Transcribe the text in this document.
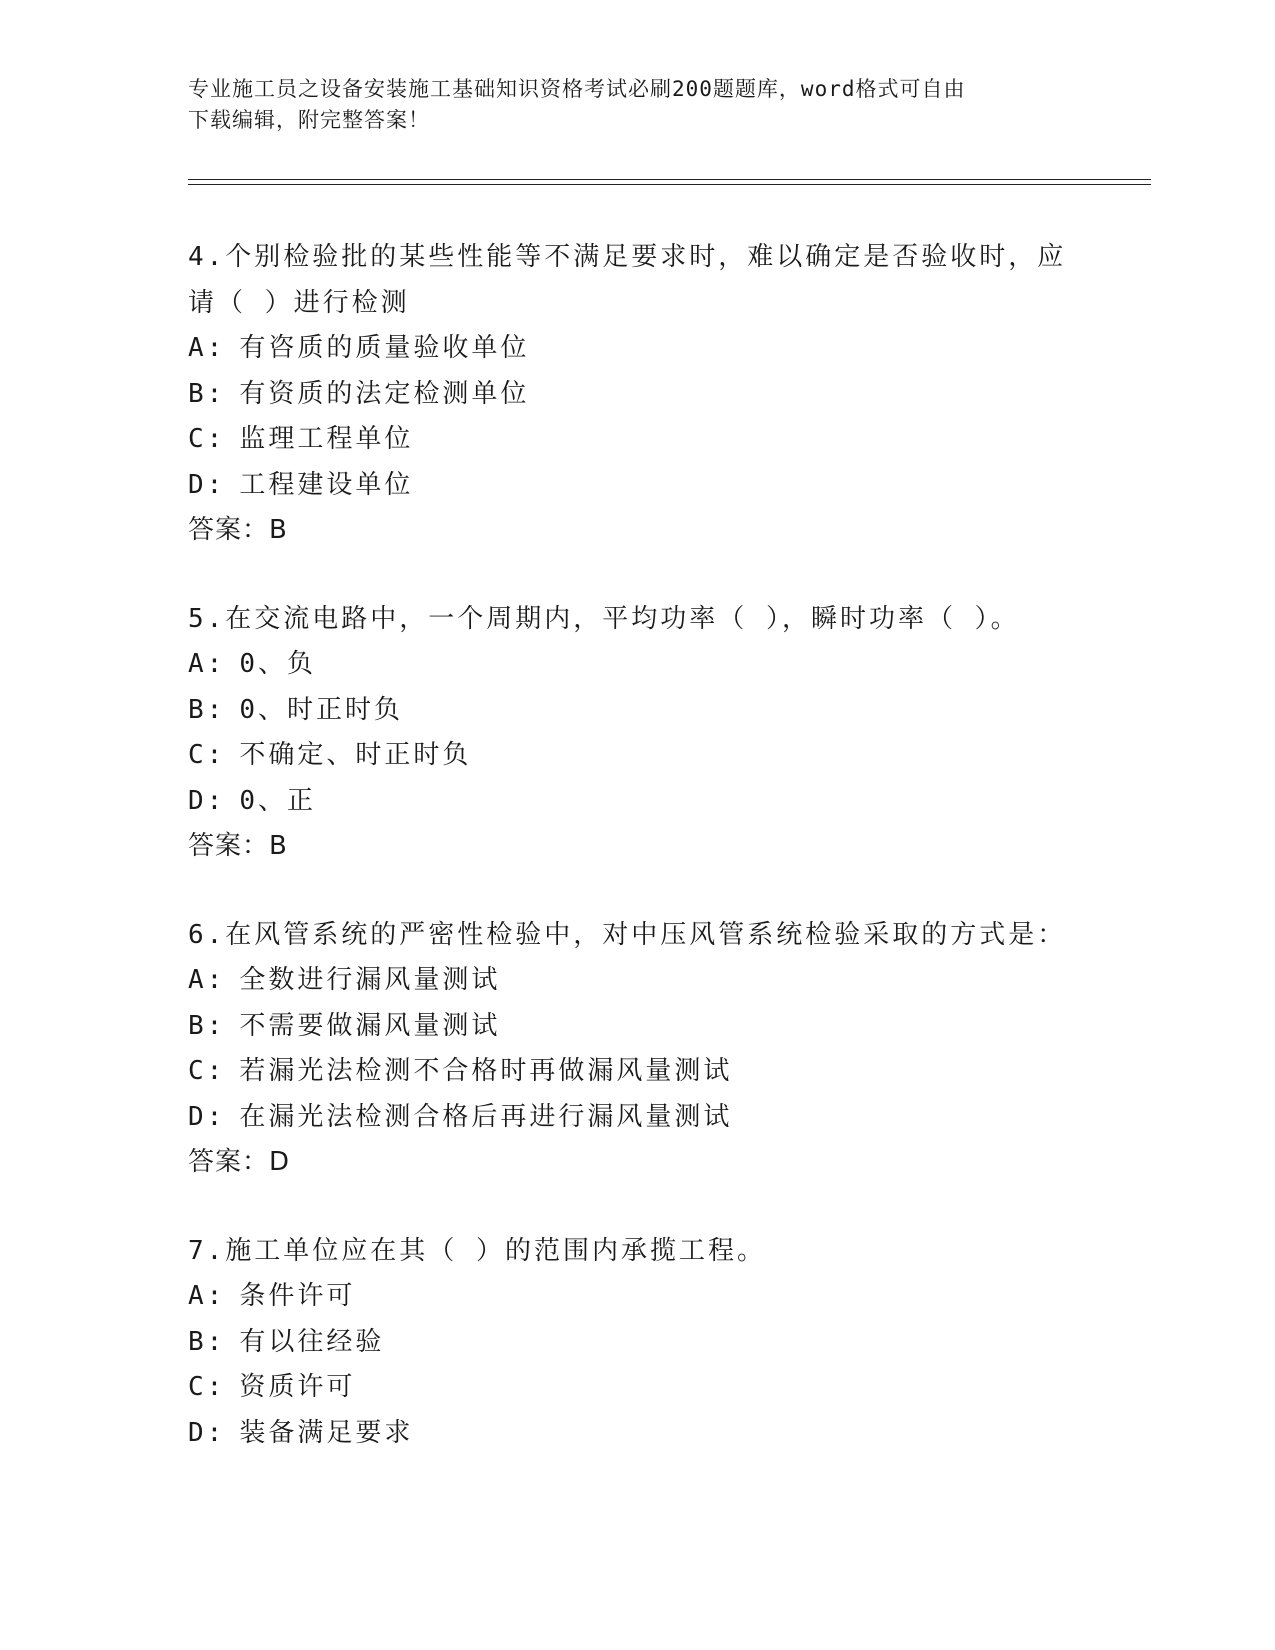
专业施工员之设备安装施工基础知识资格考试必刷200题题库，word格式可自由
下载编辑，附完整答案！
4.个别检验批的某些性能等不满足要求时，难以确定是否验收时，应
请（ ）进行检测
A: 有咨质的质量验收单位
B: 有资质的法定检测单位
C: 监理工程单位
D: 工程建设单位
答案：B
5.在交流电路中，一个周期内，平均功率（ ），瞬时功率（ ）。
A: 0、负
B: 0、时正时负
C: 不确定、时正时负
D: 0、正
答案：B
6.在风管系统的严密性检验中，对中压风管系统检验采取的方式是：
A: 全数进行漏风量测试
B: 不需要做漏风量测试
C: 若漏光法检测不合格时再做漏风量测试
D: 在漏光法检测合格后再进行漏风量测试
答案：D
7.施工单位应在其（ ）的范围内承揽工程。
A: 条件许可
B: 有以往经验
C: 资质许可
D: 装备满足要求
